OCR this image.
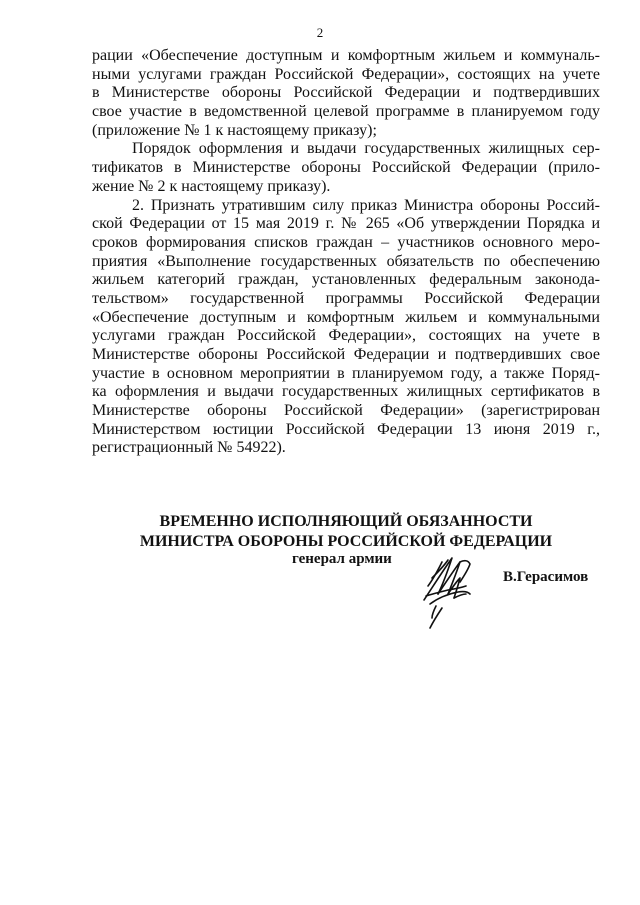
2
рации «Обеспечение доступным и комфортным жильем и коммуналь-
ными услугами граждан Российской Федерации», состоящих на учете
в Министерстве обороны Российской Федерации и подтвердивших
свое участие в ведомственной целевой программе в планируемом году
(приложение № 1 к настоящему приказу);
Порядок оформления и выдачи государственных жилищных сер-
тификатов в Министерстве обороны Российской Федерации (прило-
жение № 2 к настоящему приказу).
2. Признать утратившим силу приказ Министра обороны Россий-
ской Федерации от 15 мая 2019 г. № 265 «Об утверждении Порядка и
сроков формирования списков граждан – участников основного меро-
приятия «Выполнение государственных обязательств по обеспечению
жильем категорий граждан, установленных федеральным законода-
тельством» государственной программы Российской Федерации
«Обеспечение доступным и комфортным жильем и коммунальными
услугами граждан Российской Федерации», состоящих на учете в
Министерстве обороны Российской Федерации и подтвердивших свое
участие в основном мероприятии в планируемом году, а также Поряд-
ка оформления и выдачи государственных жилищных сертификатов в
Министерстве обороны Российской Федерации» (зарегистрирован
Министерством юстиции Российской Федерации 13 июня 2019 г.,
регистрационный № 54922).
ВРЕМЕННО ИСПОЛНЯЮЩИЙ ОБЯЗАННОСТИ
МИНИСТРА ОБОРОНЫ РОССИЙСКОЙ ФЕДЕРАЦИИ
генерал армии
В.Герасимов
